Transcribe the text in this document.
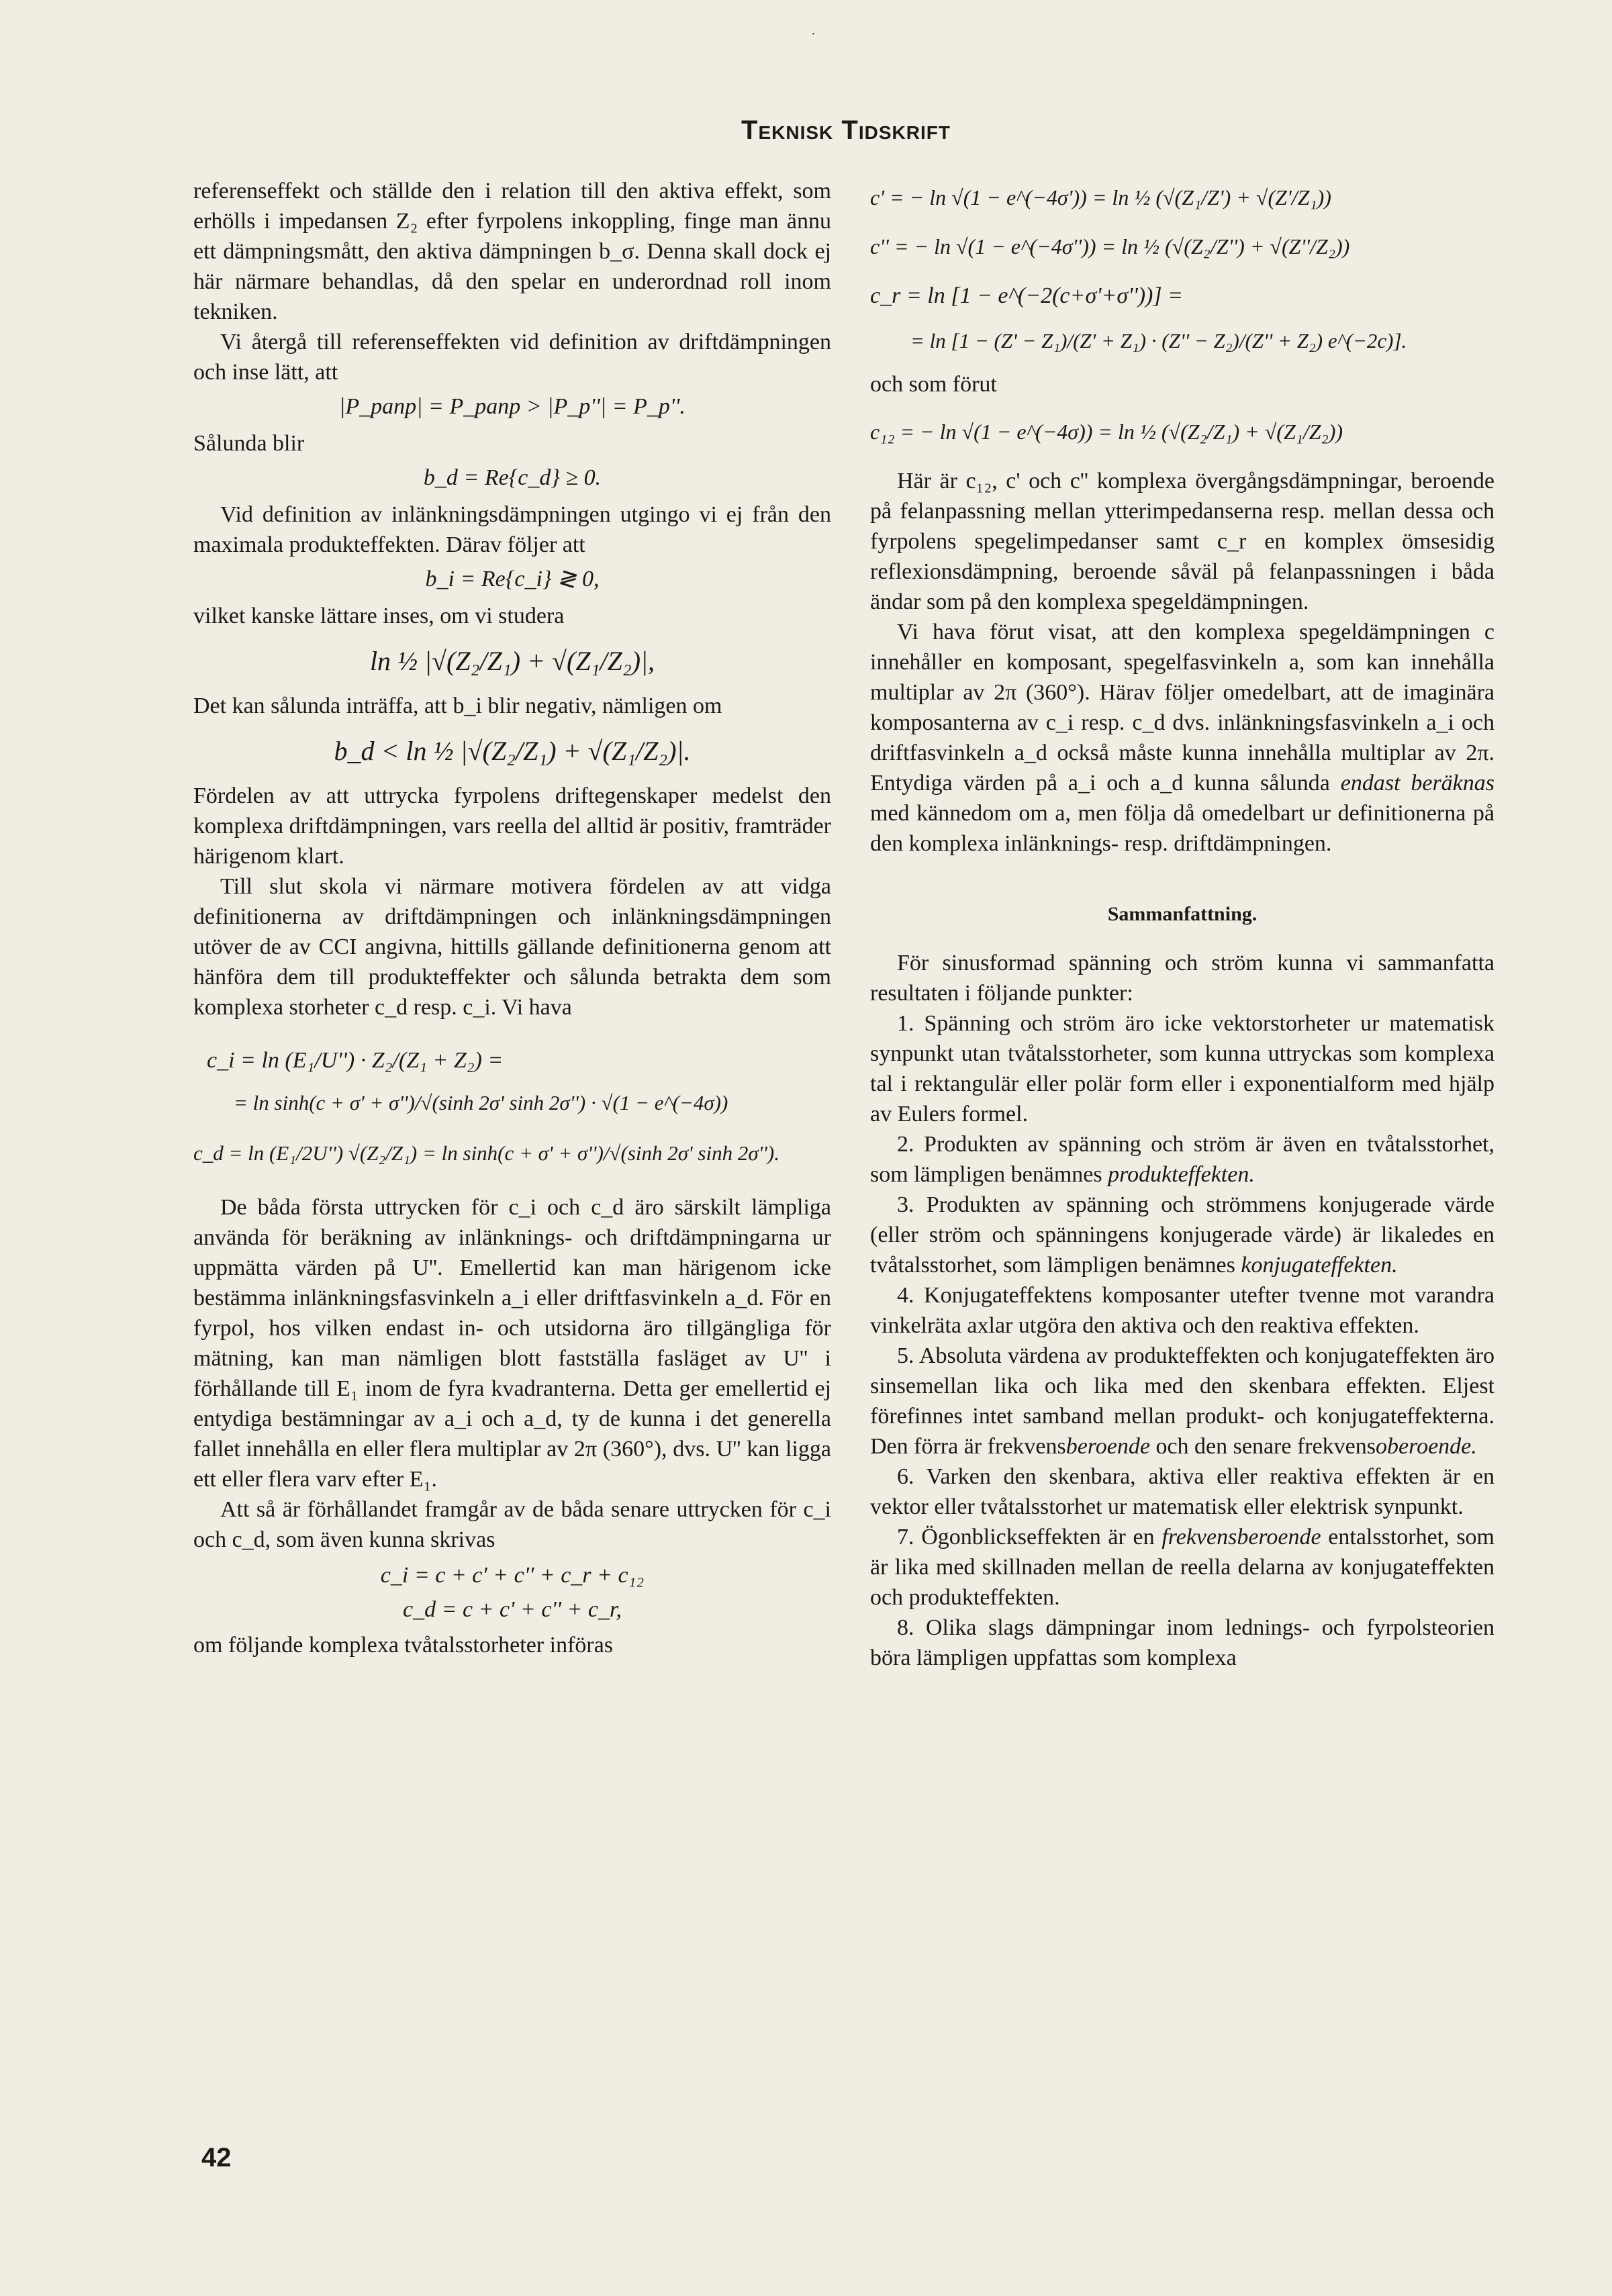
·
Teknisk Tidskrift

referenseffekt och ställde den i relation till den aktiva effekt, som erhölls i impedansen Z₂ efter fyrpolens inkoppling, finge man ännu ett dämpningsmått, den aktiva dämpningen b_σ. Denna skall dock ej här närmare behandlas, då den spelar en underordnad roll inom tekniken.

Vi återgå till referenseffekten vid definition av driftdämpningen och inse lätt, att

|P_panp| = P_panp > |P_p''| = P_p''.

Sålunda blir

b_d = Re{c_d} ≥ 0.

Vid definition av inlänkningsdämpningen utgingo vi ej från den maximala produkteffekten. Därav följer att

b_i = Re{c_i} ≷ 0,

vilket kanske lättare inses, om vi studera

ln ½ |√(Z₂/Z₁) + √(Z₁/Z₂)|,

Det kan sålunda inträffa, att b_i blir negativ, nämligen om

b_d < ln ½ |√(Z₂/Z₁) + √(Z₁/Z₂)|.

Fördelen av att uttrycka fyrpolens driftegenskaper medelst den komplexa driftdämpningen, vars reella del alltid är positiv, framträder härigenom klart.

Till slut skola vi närmare motivera fördelen av att vidga definitionerna av driftdämpningen och inlänkningsdämpningen utöver de av CCI angivna, hittills gällande definitionerna genom att hänföra dem till produkteffekter och sålunda betrakta dem som komplexa storheter c_d resp. c_i. Vi hava

c_i = ln (E₁/U'') · Z₂/(Z₁ + Z₂) =

= ln sinh(c + σ' + σ'')/√(sinh 2σ' sinh 2σ'') · √(1 − e^(−4σ))

c_d = ln (E₁/2U'') √(Z₂/Z₁) = ln sinh(c + σ' + σ'')/√(sinh 2σ' sinh 2σ'').

De båda första uttrycken för c_i och c_d äro särskilt lämpliga använda för beräkning av inlänknings- och driftdämpningarna ur uppmätta värden på U''. Emellertid kan man härigenom icke bestämma inlänkningsfasvinkeln a_i eller driftfasvinkeln a_d. För en fyrpol, hos vilken endast in- och utsidorna äro tillgängliga för mätning, kan man nämligen blott fastställa fasläget av U'' i förhållande till E₁ inom de fyra kvadranterna. Detta ger emellertid ej entydiga bestämningar av a_i och a_d, ty de kunna i det generella fallet innehålla en eller flera multiplar av 2π (360°), dvs. U'' kan ligga ett eller flera varv efter E₁.

Att så är förhållandet framgår av de båda senare uttrycken för c_i och c_d, som även kunna skrivas

c_i = c + c' + c'' + c_r + c₁₂

c_d = c + c' + c'' + c_r,

om följande komplexa tvåtalsstorheter införas

c' = − ln √(1 − e^(−4σ')) = ln ½ (√(Z₁/Z') + √(Z'/Z₁))

c'' = − ln √(1 − e^(−4σ'')) = ln ½ (√(Z₂/Z'') + √(Z''/Z₂))

c_r = ln [1 − e^(−2(c+σ'+σ''))] =

= ln [1 − (Z' − Z₁)/(Z' + Z₁) · (Z'' − Z₂)/(Z'' + Z₂) e^(−2c)].

och som förut

c₁₂ = − ln √(1 − e^(−4σ)) = ln ½ (√(Z₂/Z₁) + √(Z₁/Z₂))

Här är c₁₂, c' och c'' komplexa övergångsdämpningar, beroende på felanpassning mellan ytterimpedanserna resp. mellan dessa och fyrpolens spegelimpedanser samt c_r en komplex ömsesidig reflexionsdämpning, beroende såväl på felanpassningen i båda ändar som på den komplexa spegeldämpningen.

Vi hava förut visat, att den komplexa spegeldämpningen c innehåller en komposant, spegelfasvinkeln a, som kan innehålla multiplar av 2π (360°). Härav följer omedelbart, att de imaginära komposanterna av c_i resp. c_d dvs. inlänkningsfasvinkeln a_i och driftfasvinkeln a_d också måste kunna innehålla multiplar av 2π. Entydiga värden på a_i och a_d kunna sålunda endast beräknas med kännedom om a, men följa då omedelbart ur definitionerna på den komplexa inlänknings- resp. driftdämpningen.

Sammanfattning.

För sinusformad spänning och ström kunna vi sammanfatta resultaten i följande punkter:

1. Spänning och ström äro icke vektorstorheter ur matematisk synpunkt utan tvåtalsstorheter, som kunna uttryckas som komplexa tal i rektangulär eller polär form eller i exponentialform med hjälp av Eulers formel.

2. Produkten av spänning och ström är även en tvåtalsstorhet, som lämpligen benämnes produkteffekten.

3. Produkten av spänning och strömmens konjugerade värde (eller ström och spänningens konjugerade värde) är likaledes en tvåtalsstorhet, som lämpligen benämnes konjugateffekten.

4. Konjugateffektens komposanter utefter tvenne mot varandra vinkelräta axlar utgöra den aktiva och den reaktiva effekten.

5. Absoluta värdena av produkteffekten och konjugateffekten äro sinsemellan lika och lika med den skenbara effekten. Eljest förefinnes intet samband mellan produkt- och konjugateffekterna. Den förra är frekvensberoende och den senare frekvensoberoende.

6. Varken den skenbara, aktiva eller reaktiva effekten är en vektor eller tvåtalsstorhet ur matematisk eller elektrisk synpunkt.

7. Ögonblickseffekten är en frekvensberoende entalsstorhet, som är lika med skillnaden mellan de reella delarna av konjugateffekten och produkteffekten.

8. Olika slags dämpningar inom lednings- och fyrpolsteorien böra lämpligen uppfattas som komplexa

42
